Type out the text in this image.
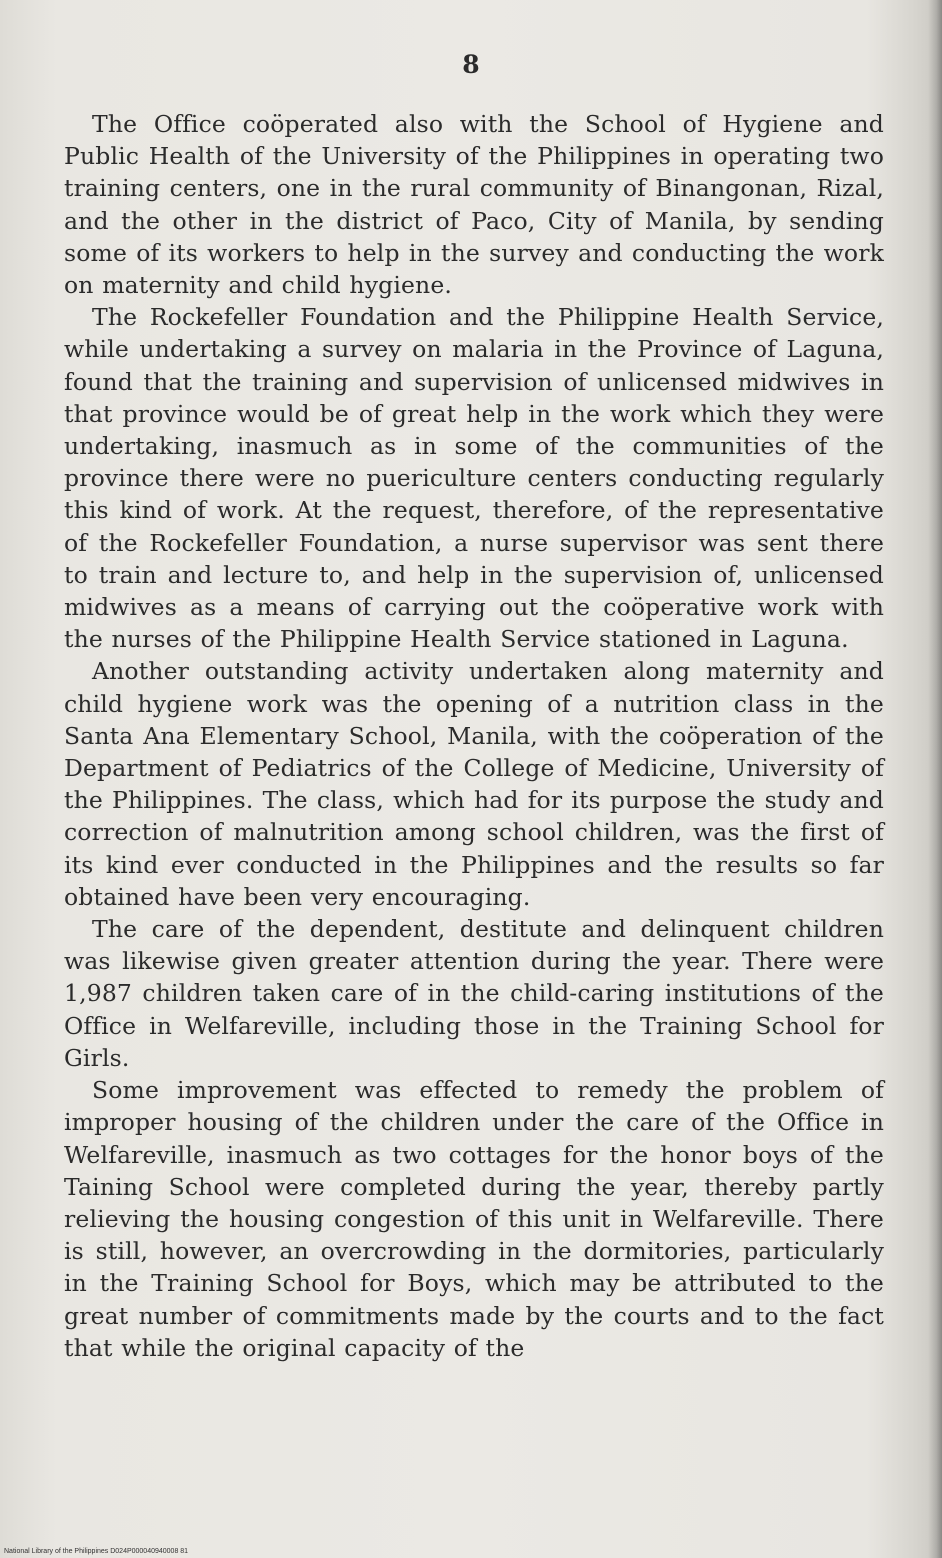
8

The Office coöperated also with the School of Hygiene and Public Health of the University of the Philippines in operating two training centers, one in the rural community of Binangonan, Rizal, and the other in the district of Paco, City of Manila, by sending some of its workers to help in the survey and conducting the work on maternity and child hygiene.

The Rockefeller Foundation and the Philippine Health Service, while undertaking a survey on malaria in the Province of Laguna, found that the training and supervision of unlicensed midwives in that province would be of great help in the work which they were undertaking, inasmuch as in some of the communities of the province there were no puericulture centers conducting regularly this kind of work. At the request, therefore, of the representative of the Rockefeller Foundation, a nurse supervisor was sent there to train and lecture to, and help in the supervision of, unlicensed midwives as a means of carrying out the coöperative work with the nurses of the Philippine Health Service stationed in Laguna.

Another outstanding activity undertaken along maternity and child hygiene work was the opening of a nutrition class in the Santa Ana Elementary School, Manila, with the coöperation of the Department of Pediatrics of the College of Medicine, University of the Philippines. The class, which had for its purpose the study and correction of malnutrition among school children, was the first of its kind ever conducted in the Philippines and the results so far obtained have been very encouraging.

The care of the dependent, destitute and delinquent children was likewise given greater attention during the year. There were 1,987 children taken care of in the child-caring institutions of the Office in Welfareville, including those in the Training School for Girls.

Some improvement was effected to remedy the problem of improper housing of the children under the care of the Office in Welfareville, inasmuch as two cottages for the honor boys of the Taining School were completed during the year, thereby partly relieving the housing congestion of this unit in Welfareville. There is still, however, an overcrowding in the dormitories, particularly in the Training School for Boys, which may be attributed to the great number of commitments made by the courts and to the fact that while the original capacity of the

National Library of the Philippines D024P000040940008 81
